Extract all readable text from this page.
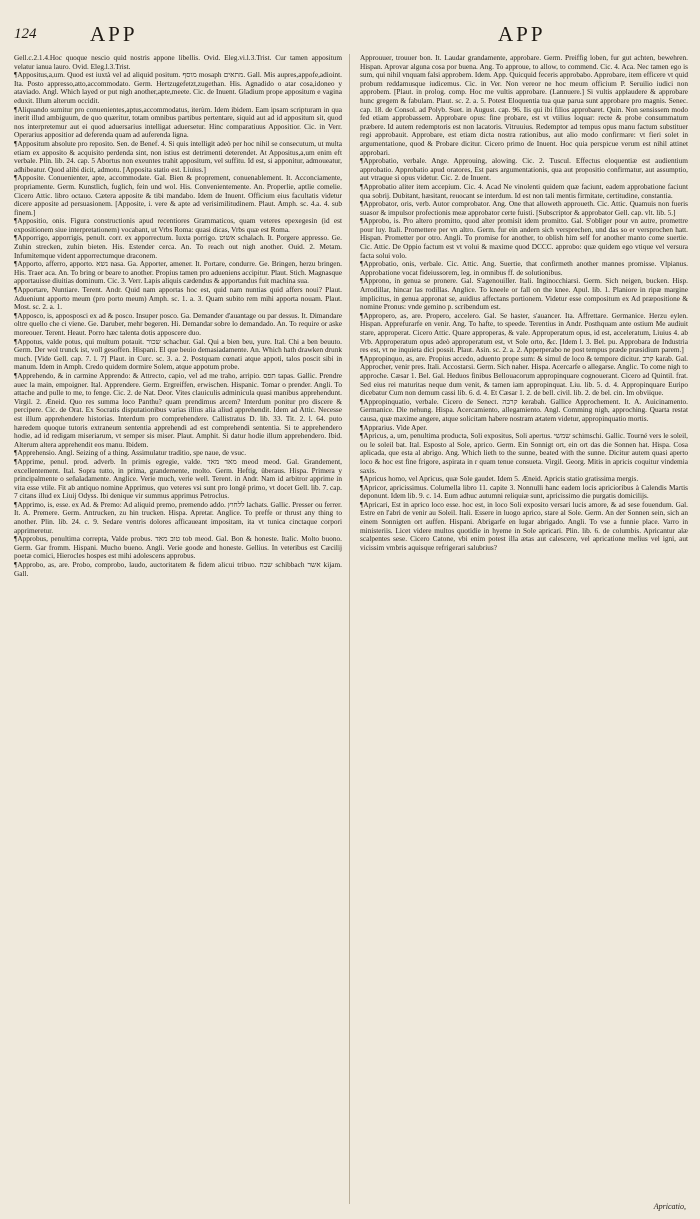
124	APP	APP

Gell.c.2.1.4.Hoc quoque nescio quid nostris appone libellis. Ovid. Eleg.vi.l.3.Trist. Cur tamen appositum velatur ianua lauro. Ovid. Eleg.l.3.Trist.

¶ Appositus,a,um. Quod est iuxtà vel ad aliquid positum. מוסף mosaph מתאים. Gall. Mis aupres,appofe,adioint. Ita. Posto appresso,atto,accommodato. Germ. Hertzugefetzt,zugethan. His. Agnadido o atar cosa,idoneo y ataviado. Angl. Which layed or put nigh another,apte,meete. Cic. de Inuent. Gladium prope appositum e vagina eduxit. Illum alterum occidit.

¶ Aliquando sumitur pro conuenientes,aptus,accommodatus, iterùm. Idem ibidem. Eam ipsam scripturam in qua inerit illud ambiguum, de quo quæritur, totam omnibus partibus pertentare, siquid aut ad id appositum sit, quod nos interpretemur aut ei quod aduersarius intelligat aduersetur. Hinc comparatiuus Appositior. Cic. in Verr. Operarius appositior ad deferenda quam ad auferenda ligna.

¶ Appositum absolute pro reposito. Sen. de Benef. 4. Si quis intelligit adeò per hoc nihil se consecutum, ut multa etiam ex apposito & acquisito perdenda sint, non istius est detrimenti deterendet. At Appositus,a,um enim eft verbale. Plin. lib. 24. cap. 5 Abortus non exeuntes trahit appositum, vel suffitu. Id est, si apponitur, admoueatur, adhibeatur. Quod alibi dicit, admotu. [Apposita statio est. Liuius.]

¶ Apposite. Conuenienter, apte, accommodate. Gal. Bien & proprement, conuenablement. It. Acconciamente, propriamente. Germ. Kunstlich, fuglich, fein und wol. His. Convenientemente. An. Properlie, aptlie comelie. Cicero Attic. libro octauo. Cætera apposite & tibi mandabo. Idem de Inuent. Officium eius facultatis videtur dicere apposite ad persuasionem. [Apposite, i. vere & apte ad verisimilitudinem. Plaut. Amph. sc. 4.a. 4. sub finem.]

¶ Appositio, onis. Figura constructionis apud recentiores Grammaticos, quam veteres epexegesin (id est expositionem siue interpretationem) vocabant, ut Vrbs Roma: quasi dicas, Vrbs quæ est Roma.

¶ Apporrigo, apporrigis, penult. corr. ex apporrectum. Iuxta porrigo. אשוט schalach. It. Porgere appresso. Ge. Zuhin strecken, zuhin bieten. His. Estender cerca. An. To reach out nigh another. Ouid. 2. Metam. Infumitemque vident apporrectumque draconem.

¶ Apporto, afferro, apporto. נשא nasa. Ga. Apporter, amener. It. Portare, condurre. Ge. Bringen, herzu bringen. His. Traer aca. An. To bring or beare to another. Propius tamen pro adueniens accipitur. Plaut. Stich. Magnasque apportauisse diuitias dominum. Cic. 3. Verr. Lapis aliquis cædendus & apportandus fuit machina sua.

¶ Apportare, Nuntiare. Terent. Andr. Quid nam apportas hoc est, quid nam nuntias quid affers noui? Plaut. Adueniunt apporto meum (pro porto meum) Amph. sc. 1. a. 3. Quam subito rem mihi apporta nouam. Plaut. Most. sc. 2. a. 1.

¶ Apposco, is, apposposci ex ad & posco. Insuper posco. Ga. Demander d'auantage ou par dessus. It. Dimandare oltre quello che ci viene. Ge. Daruber, mehr begeren. Hi. Demandar sobre lo demandado. An. To require or aske moreouer. Terent. Heaut. Porro hæc talenta dotis apposcere duo.

¶ Appotus, valde potus, qui multum potauit. שכור schachur. Gal. Qui a bien beu, yure. Ital. Chi a ben beuuto. Germ. Der wol trunck ist, voll gesoffen. Hispani. El que beuio demasiadamente. An. Which hath drawken drunk much. [Vide Gell. cap. 7. l. 7] Plaut. in Curc. sc. 3. a. 2. Postquam cœnati atque appoti, talos poscit sibi in manum. Idem in Amph. Credo quidem dormire Solem, atque appotum probe.

¶ Apprehendo, & in carmine Apprendo: & Attrecto, capio, vel ad me traho, arripio. תפס tapas. Gallic. Prendre auec la main, empoigner. Ital. Apprendere. Germ. Ergreiffen, erwischen. Hispanic. Tomar o prender. Angli. To attache and pulle to me, to fenge. Cic. 2. de Nat. Deor. Vites clauiculis adminicula quasi manibus apprehendunt. Virgil. 2. Æneid. Quo res summa loco Panthu? quam prendimus arcem? Interdum ponitur pro discere & percipere. Cic. de Orat. Ex Socratis disputationibus varias illius alia aliud apprehendit. Idem ad Attic. Necesse est illum apprehendere historias. Interdum pro comprehendere. Callistratus D. lib. 33. Tit. 2. l. 64. puto hæredem quoque tutoris extraneum sententia apprehendi ad est comprehendi sententia. Si te apprehendero hodie, ad id redigam miseriarum, vt semper sis miser. Plaut. Amphit. Si datur hodie illum apprehendero. Ibid. Alterum altera apprehendit eos manu. Ibidem.

¶ Apprehensio. Angl. Seizing of a thing. Assimulatur traditio, spe naue, de vsuc.

¶ Apprime, penul. prod. adverb. In primis egregie, valde. מאד מאד meod meod. Gal. Grandement, excellentement. Ital. Sopra tutto, in prima, grandemente, molto. Germ. Heftig, überaus. Hispa. Primera y principalmente o señaladamente. Anglice. Verie much, verie well. Terent. in Andr. Nam id arbitror apprime in vita esse vtile. Fit ab antiquo nomine Apprimus, quo veteres vsi sunt pro longè primo, vt docet Gell. lib. 7. cap. 7 citans illud ex Liuij Odyss. Ibi denique vir summus apprimus Petroclus.

¶ Apprimo, is, esse. ex Ad. & Premo: Ad aliquid premo, premendo addo. ללחוץ lachats. Gallic. Presser ou ferrer. It. A. Premere. Germ. Antrucken, zu hin trucken. Hispa. Apretar. Anglice. To preffe or thrust any thing to another. Plin. lib. 24. c. 9. Sedare ventris dolores afficaueant impositam, ita vt tunica cinctaque corpori apprimeretur.

¶ Approbus, penultima correpta, Valde probus. טוב מאד tob meod. Gal. Bon & honeste. Italic. Molto buono. Germ. Gar fromm. Hispani. Mucho bueno. Angli. Verie goode and honeste. Gellius. In veteribus est Cæcilij poetæ comici, Hierocles hospes est mihi adolescens approbus.

¶ Approbo, as, are. Probo, comprobo, laudo, auctoritatem & fidem alicui tribuo. שבח schibbach אשר kijam. Gall.

Approuuer, trouuer bon. It. Laudar grandamente, approbare. Germ. Preiffig loben, fur gut achten, bewehren. Hispan. Aprovar alguna cosa por buena. Ang. To approue, to allow, to commend. Cic. 4. Aca. Nec tamen ego is sum, qui nihil vnquam falsi approbem. Idem. App. Quicquid feceris approbabo. Approbare, item efficere vt quid probum reddamusque iudicemus. Cic. in Ver. Non vereor ne hoc meum officium P. Seruilio iudici non approbem. [Plaut. in prolog. comp. Hoc me vultis approbare. (Lannuere.] Si vultis applaudere & approbare hunc gregem & fabulam. Plaut. sc. 2. a. 5. Potest Eloquentia tua quæ parua sunt approbare pro magnis. Senec. cap. 18. de Consol. ad Polyb. Suet. in August. cap. 96. Iis qui ibi filios approbaret. Quin. Non sensissem modo fed etiam approbassem. Approbare opus: fine probare, est vt vtilius loquar: recte & probe consummatum præbere. Id autem redemptoris est non lacatoris. Vitruuius. Redemptor ad tempus opus manu factum substituer regi approbauit. Approbare, est etiam dicta nostra rationibus, aut alio modo confirmare: vt fieri solet in argumentatione, quod & Probare dicitur. Cicero primo de Inuent. Hoc quia perspicue verum est nihil attinet approbari.

¶ Approbatio, verbale. Ange. Approuing, alowing. Cic. 2. Tuscul. Effectus eloquentiæ est audientium approbatio. Approbatio apud oratores, Est pars argumentationis, qua aut propositio confirmatur, aut assumptio, aut vtraque si opus videtur. Cic. 2. de Inuent.

¶ Approbatio aliter item accepium. Cic. 4. Acad Ne vinolenti quidem quæ faciunt, eadem approbatione faciunt qua sobrij. Dubitant, hæsitant, reuocant se interdum. Id est non tali mentis firmitate, certitudine, constantia.

¶ Approbator, oris, verb. Autor comprobator. Ang. One that alloweth approueth. Cic. Attic. Quamuis non fueris suasor & impulsor profectionis meæ approbator certe fuisti. [Subscriptor & approbator Gell. cap. vlt. lib. 5.]

¶ Approbo, is. Pro altero promitto, quod alter promisit idem promitto. Gal. S'obliger pour vn autre, promettre pour luy. Itali. Promettere per vn altro. Germ. fur ein andern sich versprechen, und das so er versprochen hatt. Hispan. Prometter por otro. Angli. To promise for another, to oblish him self for another manto come suertie. Cic. Attic. De Oppio factum est vt volui & maxime quod DCCC. approbo: quæ quidem ego vtique vel versura facta solui volo.

¶ Approbatio, onis, verbale. Cic. Attic. Ang. Suertie, that confirmeth another mannes promisse. Vlpianus. Approbatione vocat fideiussorem, leg. in omnibus ff. de solutionibus.

¶ Approno, in genua se pronere. Gal. S'agenouiller. Itali. Inginocchiarsi. Germ. Sich neigen, bucken. Hisp. Arrodillar, hincar las rodillas. Anglice. To kneele or fall on the knee. Apul. lib. 1. Planiore in ripæ margine implicitus, in genua appronat se, auidius affectans portionem. Videtur esse compositum ex Ad præpositione & nomine Pronus: vnde gemino p. scribendum est.

¶ Appropero, as, are. Propero, accelero. Gal. Se haster, s'auancer. Ita. Affrettare. Germanice. Herzu eylen. Hispan. Apprefurarfe en venir. Ang. To hafte, to speede. Terentius in Andr. Posthquam ante ostium Me audiuit stare, approperat. Cicero Attic. Quare approperas, & vale. Approperatum opus, id est, acceleratum, Liuius 4. ab Vrb. Approperatum opus adeò approperatum est, vt Sole orto, &c. [Idem l. 3. Bel. pu. Approbara de Industria res est, vt ne inquieta dici possit. Plaut. Asin. sc. 2. a. 2. Apperperabo ne post tempus præde præsidium parem.]

¶ Appropinquo, as, are. Propius accedo, aduento prope sum: & simul de loco & tempore dicitur. קרב karab. Gal. Approcher, venir pres. Itali. Accostarsi. Germ. Sich naher. Hispa. Acercarfe o allegarse. Anglic. To come nigh to approche. Cæsar 1. Bel. Gal. Heduos finibus Bellouacorum appropinquare cognouerant. Cicero ad Quintil. frat. Sed eius rei maturitas neque dum venit, & tamen iam appropinquat. Liu. lib. 5. d. 4. Appropinquare Euripo dicebatur Cum non demum cassi lib. 6. d. 4. Et Cæsar 1. 2. de bell. civil. lib. 2. de bel. cin. Im obviique.

¶ Appropinquatio, verbale. Cicero de Senect. קרבה kerabah. Gallice Approchement. It. A. Auicinamento. Germanice. Die nehung. Hispa. Acercamiento, allegamiento. Angl. Comming nigh, approching. Quarta restat causa, quæ maxime angere, atque solicitam habere nostram ætatem videtur, appropinquatio mortis.

¶ Apprarius. Vide Aper.

¶ Apricus, a, um, penultima producta, Soli expositus, Soli apertus. שמשי schimschi. Gallic. Tourné vers le soleil, ou le soleil bat. Ital. Esposto al Sole, aprico. Germ. Ein Sonnigt ort, ein ort das die Sonnen hat. Hispa. Cosa aplicada, que esta al abrigo. Ang. Which lieth to the sunne, beated with the sunne. Dicitur autem quasi aperto loco & hoc est fine frigore, aspirata in r quam tenue consueta. Virgil. Georg. Mitis in apricis coquitur vindemia saxis.

¶ Apricus homo, vel Apricus, quæ Sole gaudet. Idem 5. Æneid. Apricis statio gratissima mergis.

¶ Apricor, apricissimus. Columella libro 11. capite 3. Nonnulli hanc eadem locis apricioribus à Calendis Martis deponunt. Idem lib. 9. c. 14. Eum adhuc autumni reliquiæ sunt, apricissimo die purgatis domicilijs.

¶ Apricari, Est in aprico loco esse. hoc est, in loco Soli exposito versari lucis amore, & ad sese fouendum. Gal. Estre en l'abri de venir au Soleil. Itali. Essere in luogo aprico, stare al Sole. Germ. An der Sonnen sein, sich an einem Sonnigten ort auffen. Hispani. Abrigarfe en lugar abrigado. Angli. To vse a funnie place. Varro in ministeriis. Licet videre multos quotidie in hyeme in Sole apricari. Plin. lib. 6. de columbis. Apricantur alæ scalpentes sese. Cicero Catone, vbi enim potest illa ætas aut calescere, vel apricatione melius vel igni, aut vicissim vmbris aquisque refrigerari salubrius?

Apricatio,
